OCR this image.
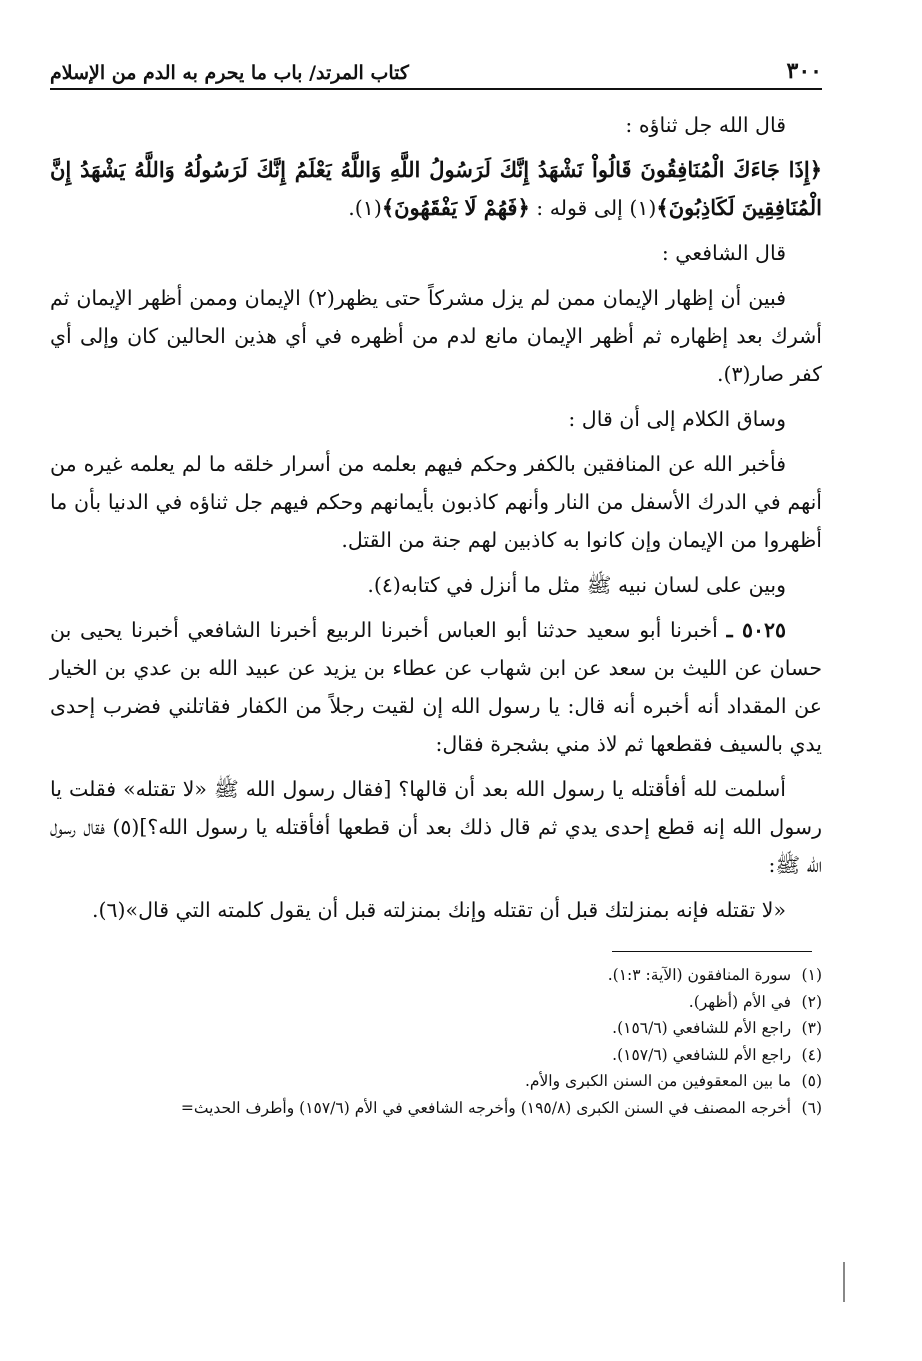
٣٠٠
كتاب المرتد/ باب ما يحرم به الدم من الإسلام

قال الله جل ثناؤه :

﴿إِذَا جَاءَكَ الْمُنَافِقُونَ قَالُواْ نَشْهَدُ إِنَّكَ لَرَسُولُ اللَّهِ وَاللَّهُ يَعْلَمُ إِنَّكَ لَرَسُولُهُ وَاللَّهُ يَشْهَدُ إِنَّ الْمُنَافِقِينَ لَكَاذِبُونَ﴾(١) إلى قوله : ﴿فَهُمْ لَا يَفْقَهُونَ﴾(١).

قال الشافعي :

فبين أن إظهار الإيمان ممن لم يزل مشركاً حتى يظهر(٢) الإيمان وممن أظهر الإيمان ثم أشرك بعد إظهاره ثم أظهر الإيمان مانع لدم من أظهره في أي هذين الحالين كان وإلى أي كفر صار(٣).

وساق الكلام إلى أن قال :

فأخبر الله عن المنافقين بالكفر وحكم فيهم بعلمه من أسرار خلقه ما لم يعلمه غيره من أنهم في الدرك الأسفل من النار وأنهم كاذبون بأيمانهم وحكم فيهم جل ثناؤه في الدنيا بأن ما أظهروا من الإيمان وإن كانوا به كاذبين لهم جنة من القتل.

وبين على لسان نبيه ﷺ مثل ما أنزل في كتابه(٤).

٥٠٢٥ ـ أخبرنا أبو سعيد حدثنا أبو العباس أخبرنا الربيع أخبرنا الشافعي أخبرنا يحيى بن حسان عن الليث بن سعد عن ابن شهاب عن عطاء بن يزيد عن عبيد الله بن عدي بن الخيار عن المقداد أنه أخبره أنه قال: يا رسول الله إن لقيت رجلاً من الكفار فقاتلني فضرب إحدى يدي بالسيف فقطعها ثم لاذ مني بشجرة فقال:

أسلمت لله أفأقتله يا رسول الله بعد أن قالها؟ [فقال رسول الله ﷺ «لا تقتله» فقلت يا رسول الله إنه قطع إحدى يدي ثم قال ذلك بعد أن قطعها أفأقتله يا رسول الله؟](٥) فقال رسول الله ﷺ:

«لا تقتله فإنه بمنزلتك قبل أن تقتله وإنك بمنزلته قبل أن يقول كلمته التي قال»(٦).

(١) سورة المنافقون (الآية: ١:٣).
(٢) في الأم (أظهر).
(٣) راجع الأم للشافعي (١٥٦/٦).
(٤) راجع الأم للشافعي (١٥٧/٦).
(٥) ما بين المعقوفين من السنن الكبرى والأم.
(٦) أخرجه المصنف في السنن الكبرى (١٩٥/٨) وأخرجه الشافعي في الأم (١٥٧/٦) وأطرف الحديث=
